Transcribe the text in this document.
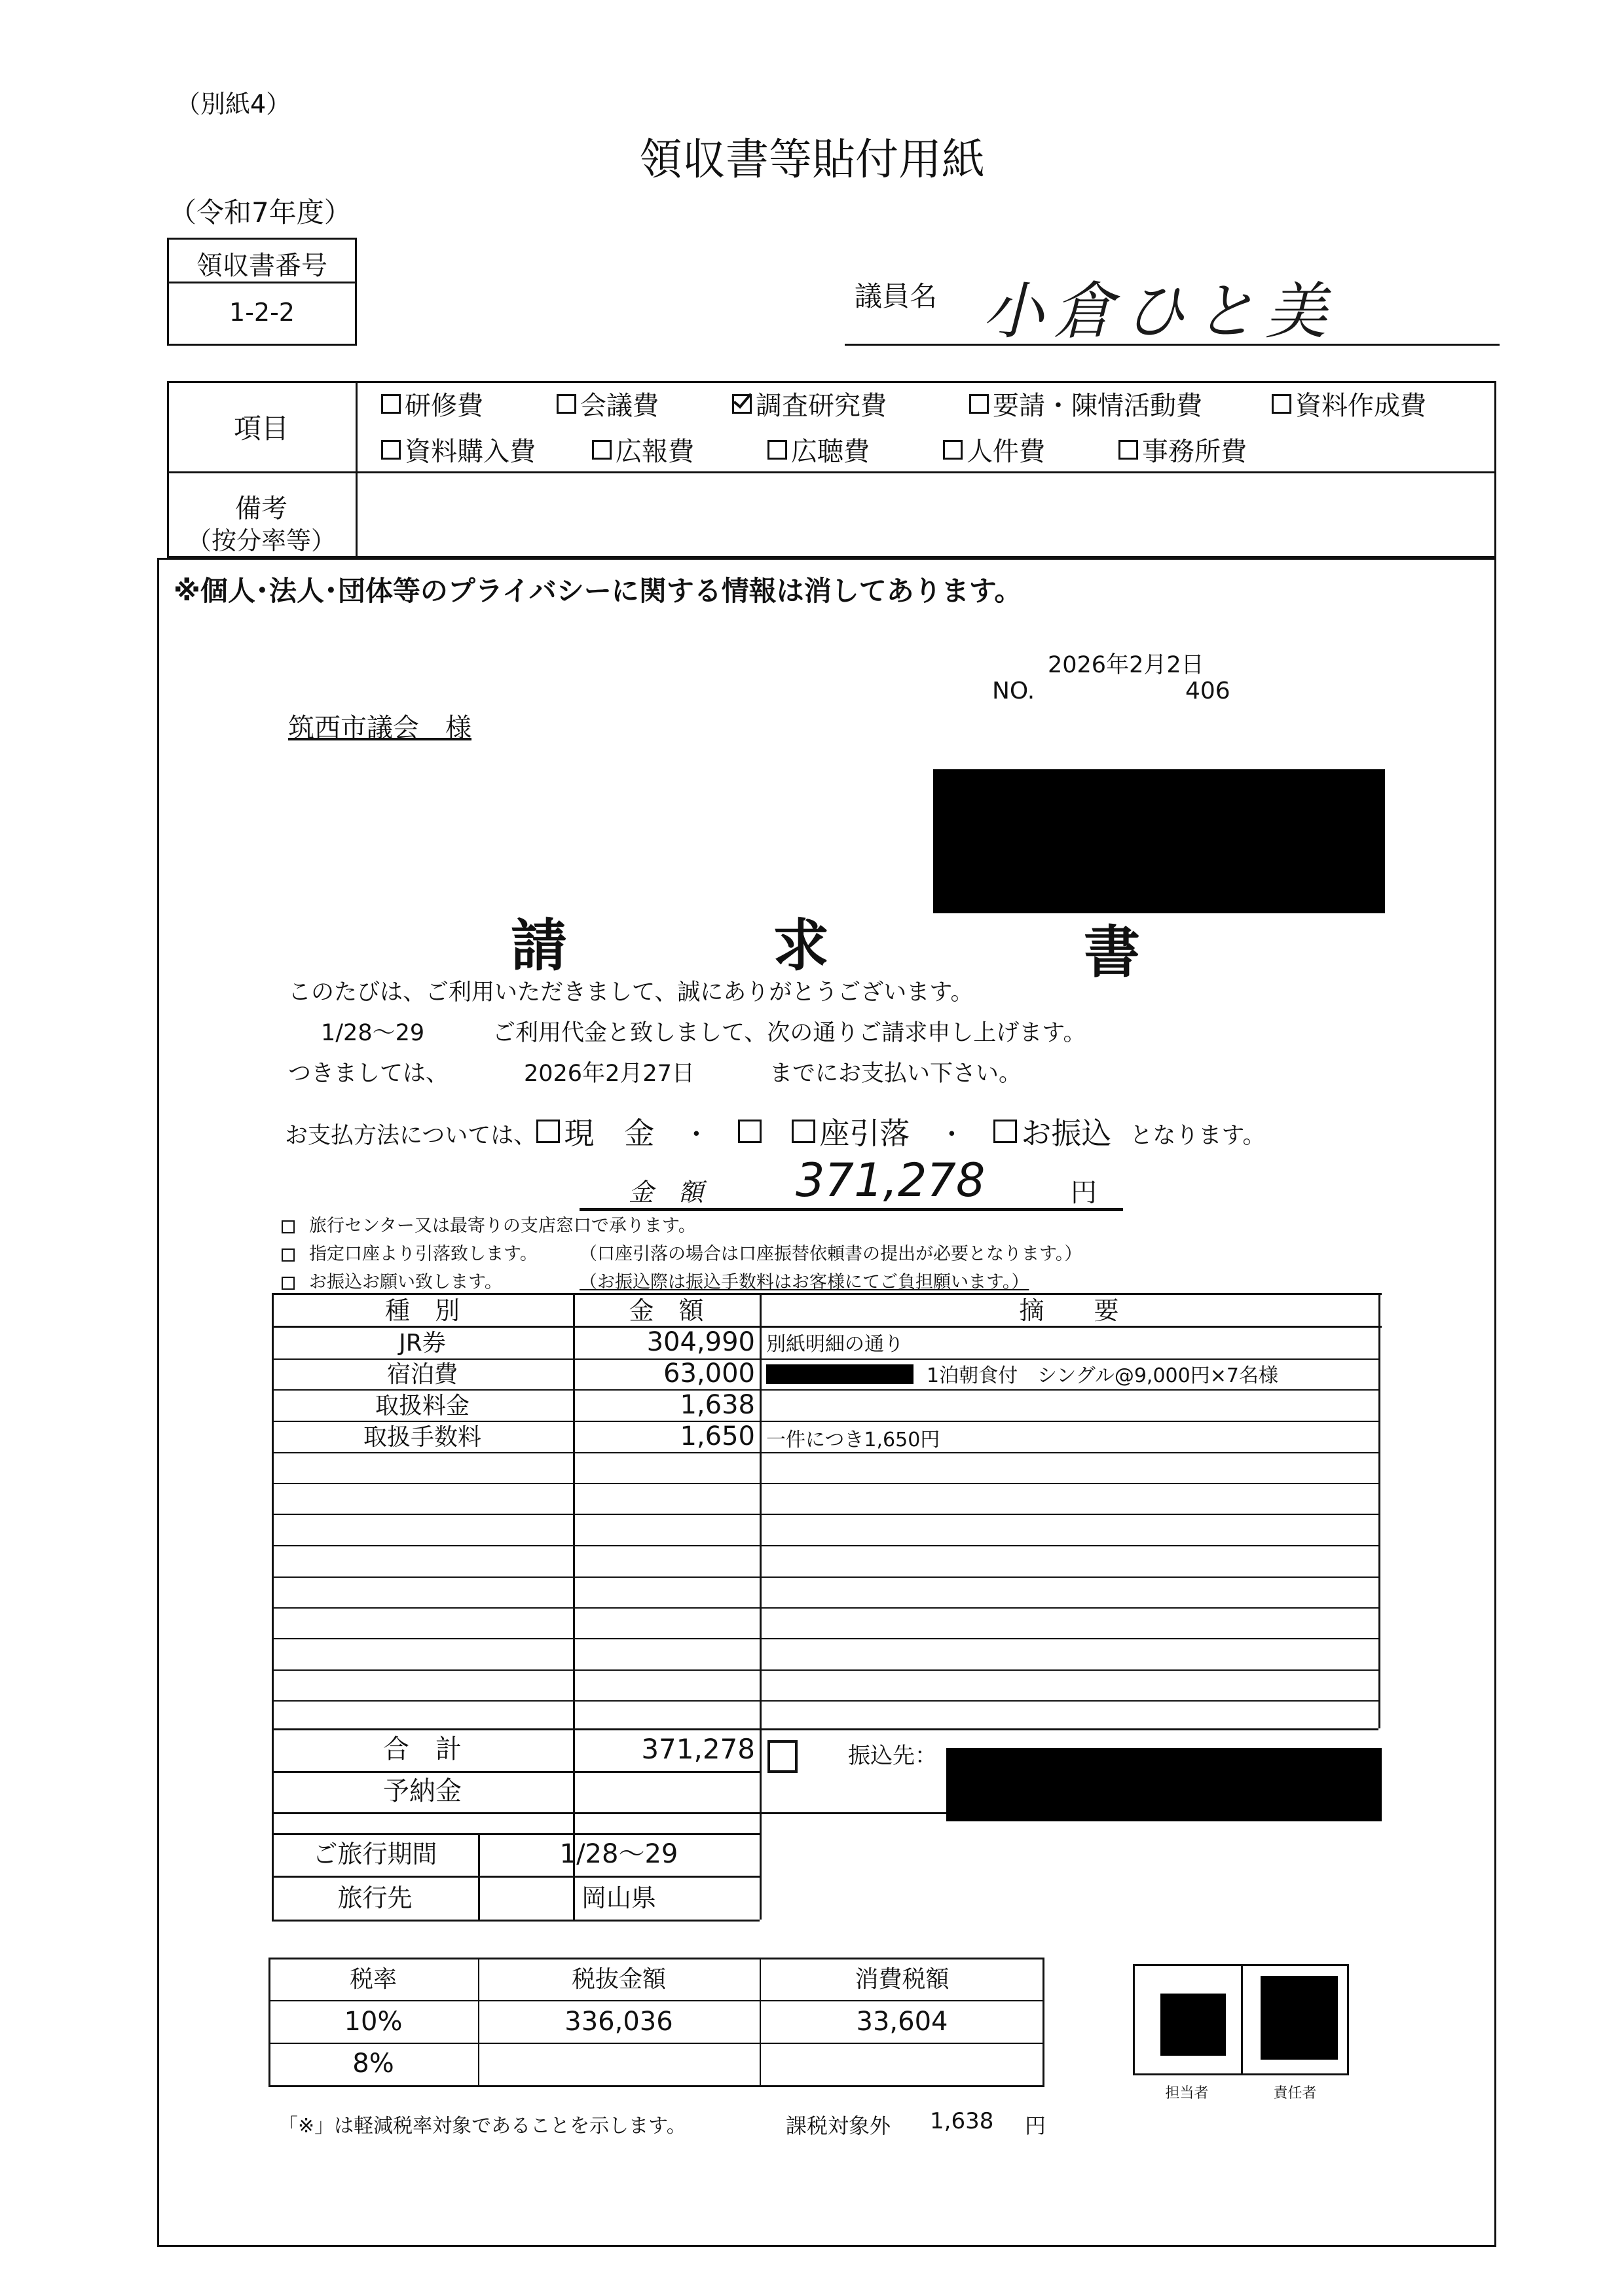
（別紙4）
領収書等貼付用紙
（令和7年度）
領収書番号
1-2-2	議員名 小倉ひと美
項目
研修費	会議費	調査研究費	要請・陳情活動費	資料作成費
資料購入費	広報費	広聴費	人件費	事務所費
備考
（按分率等）
※個人･法人･団体等のプライバシーに関する情報は消してあります。
2026年2月2日
NO.	406
筑西市議会　様
請	求	書
このたびは、ご利用いただきまして、誠にありがとうございます。
1/28～29	ご利用代金と致しまして、次の通りご請求申し上げます。
つきましては、	2026年2月27日	までにお支払い下さい。
お支払方法については、 現　金 ・	座引落 ・ お振込 となります。
金　額 371,278	円
旅行センター又は最寄りの支店窓口で承ります。
指定口座より引落致します。 （口座引落の場合は口座振替依頼書の提出が必要となります。）
お振込お願い致します。	（お振込際は振込手数料はお客様にてご負担願います。）
種　別	金　額	摘　　要
JR券	304,990 別紙明細の通り
宿泊費	63,000	1泊朝食付　シングル@9,000円×7名様
取扱料金	1,638
取扱手数料	1,650 一件につき1,650円
合　計	371,278
予納金
振込先：
ご旅行期間	1/28～29
旅行先	岡山県
税率	税抜金額	消費税額
10%	336,036	33,604
8%
担当者	責任者
「※」は軽減税率対象であることを示します。	課税対象外 1,638 円
